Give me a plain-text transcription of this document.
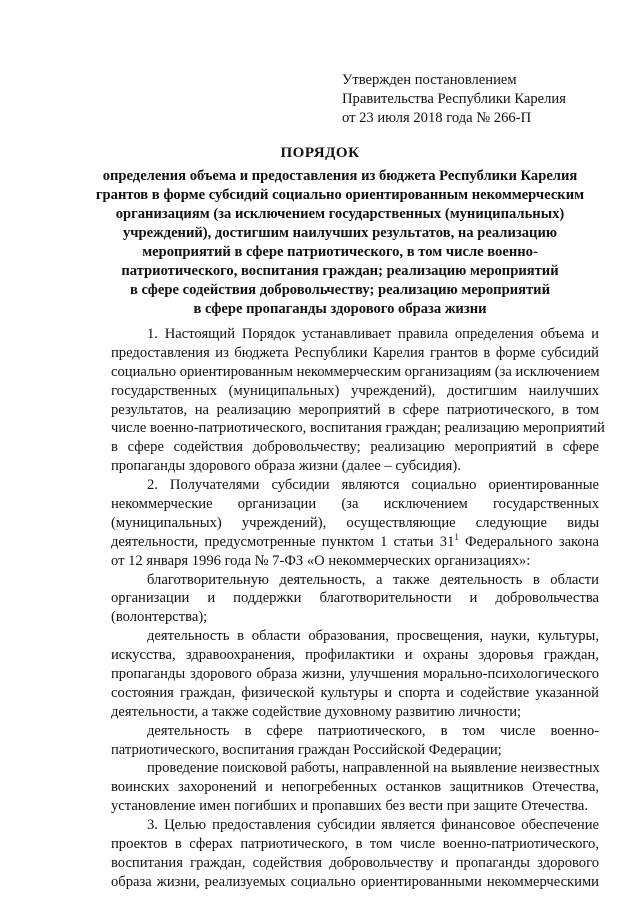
Утвержден постановлением
Правительства Республики Карелия
от 23 июля 2018 года № 266-П
ПОРЯДОК
определения объема и предоставления из бюджета Республики Карелия
грантов в форме субсидий социально ориентированным некоммерческим
организациям (за исключением государственных (муниципальных)
учреждений), достигшим наилучших результатов, на реализацию
мероприятий в сфере патриотического, в том числе военно-
патриотического, воспитания граждан; реализацию мероприятий
в сфере содействия добровольчеству; реализацию мероприятий
в сфере пропаганды здорового образа жизни
1. Настоящий Порядок устанавливает правила определения объема и
предоставления из бюджета Республики Карелия грантов в форме субсидий
социально ориентированным некоммерческим организациям (за исключением
государственных (муниципальных) учреждений), достигшим наилучших
результатов, на реализацию мероприятий в сфере патриотического, в том
числе военно-патриотического, воспитания граждан; реализацию мероприятий
в сфере содействия добровольчеству; реализацию мероприятий в сфере
пропаганды здорового образа жизни (далее – субсидия).
2. Получателями субсидии являются социально ориентированные
некоммерческие организации (за исключением государственных
(муниципальных) учреждений), осуществляющие следующие виды
деятельности, предусмотренные пунктом 1 статьи $31^1$ Федерального закона
от 12 января 1996 года № 7-ФЗ «О некоммерческих организациях»:
благотворительную деятельность, а также деятельность в области
организации и поддержки благотворительности и добровольчества
(волонтерства);
деятельность в области образования, просвещения, науки, культуры,
искусства, здравоохранения, профилактики и охраны здоровья граждан,
пропаганды здорового образа жизни, улучшения морально-психологического
состояния граждан, физической культуры и спорта и содействие указанной
деятельности, а также содействие духовному развитию личности;
деятельность в сфере патриотического, в том числе военно-
патриотического, воспитания граждан Российской Федерации;
проведение поисковой работы, направленной на выявление неизвестных
воинских захоронений и непогребенных останков защитников Отечества,
установление имен погибших и пропавших без вести при защите Отечества.
3. Целью предоставления субсидии является финансовое обеспечение
проектов в сферах патриотического, в том числе военно-патриотического,
воспитания граждан, содействия добровольчеству и пропаганды здорового
образа жизни, реализуемых социально ориентированными некоммерческими
